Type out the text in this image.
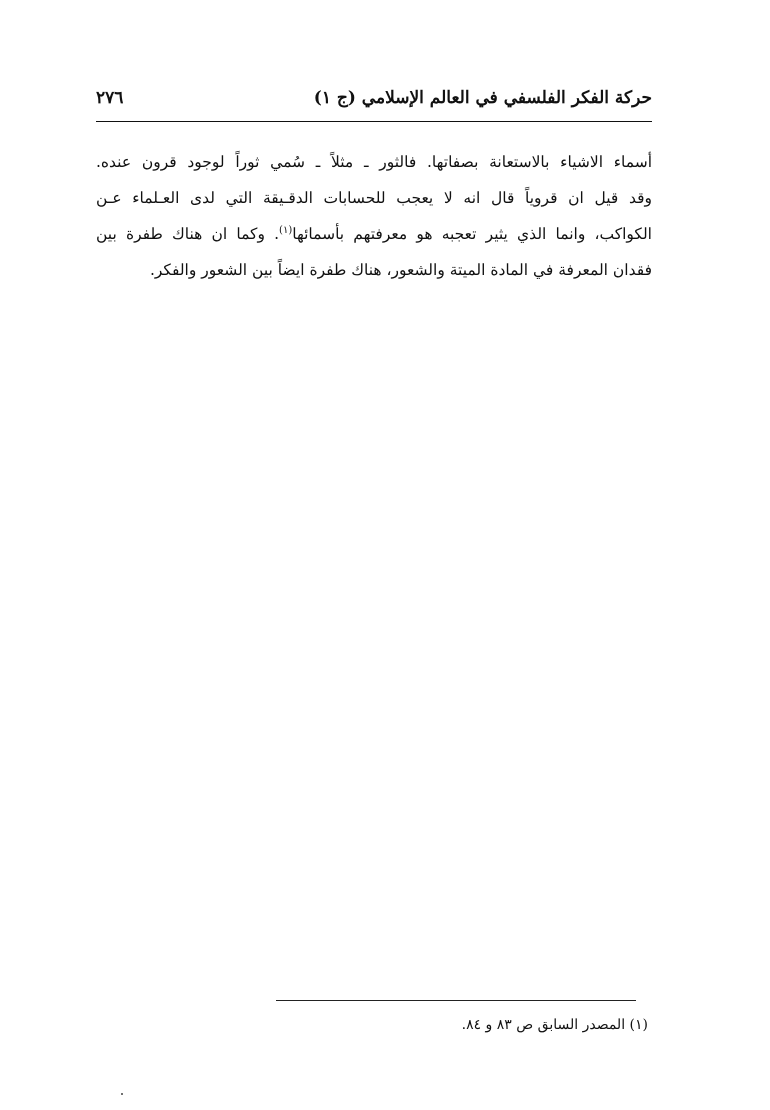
حركة الفكر الفلسفي في العالم الإسلامي (ج ١)
٢٧٦
أسماء الاشياء بالاستعانة بصفاتها. فالثور ـ مثلاً ـ سُمي ثوراً لوجود قرون عنده.
وقد قيل ان قروياً قال انه لا يعجب للحسابات الدقـيقة التي لدى العـلماء عـن
الكواكب، وانما الذي يثير تعجبه هو معرفتهم بأسمائها$^{(١)}$. وكما ان هناك طفرة بين
فقدان المعرفة في المادة الميتة والشعور، هناك طفرة ايضاً بين الشعور والفكر.
(١) المصدر السابق ص ٨٣ و ٨٤.
